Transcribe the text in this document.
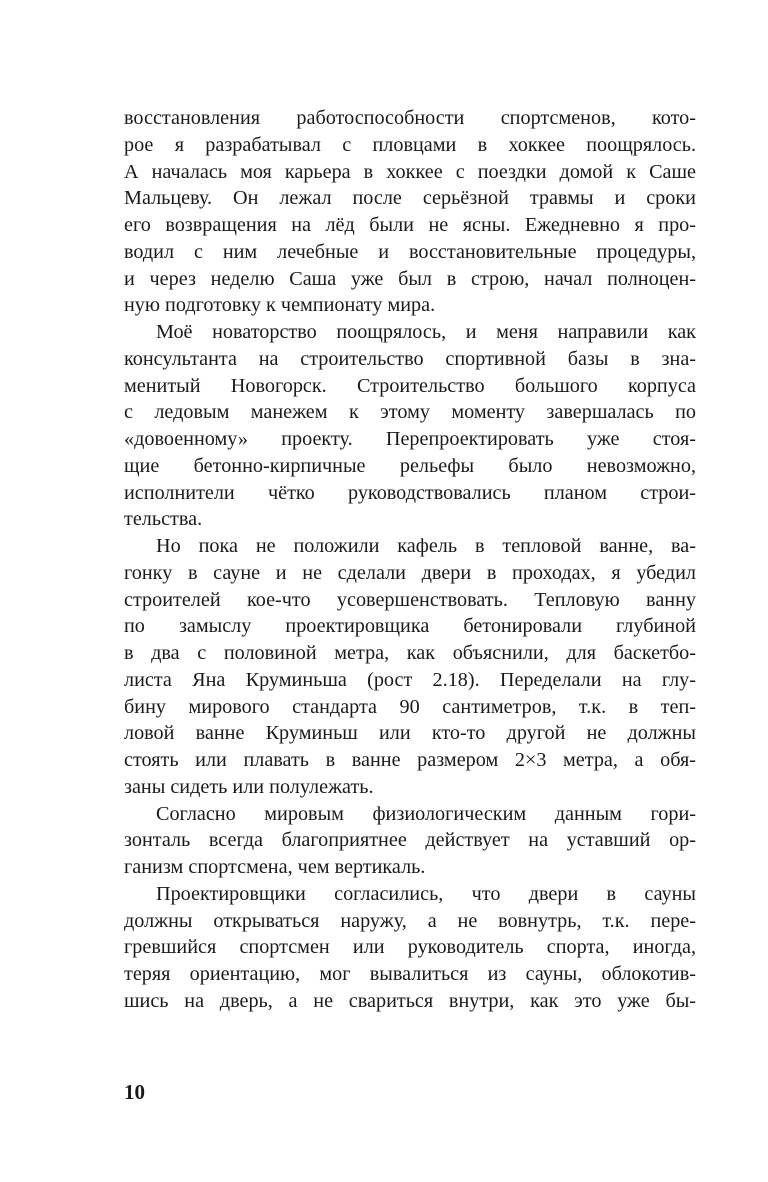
восстановления работоспособности спортсменов, кото-
рое я разрабатывал с пловцами в хоккее поощрялось.
А началась моя карьера в хоккее с поездки домой к Саше
Мальцеву. Он лежал после серьёзной травмы и сроки
его возвращения на лёд были не ясны. Ежедневно я про-
водил с ним лечебные и восстановительные процедуры,
и через неделю Саша уже был в строю, начал полноцен-
ную подготовку к чемпионату мира.
Моё новаторство поощрялось, и меня направили как
консультанта на строительство спортивной базы в зна-
менитый Новогорск. Строительство большого корпуса
с ледовым манежем к этому моменту завершалась по
«довоенному» проекту. Перепроектировать уже стоя-
щие бетонно-кирпичные рельефы было невозможно,
исполнители чётко руководствовались планом строи-
тельства.
Но пока не положили кафель в тепловой ванне, ва-
гонку в сауне и не сделали двери в проходах, я убедил
строителей кое-что усовершенствовать. Тепловую ванну
по замыслу проектировщика бетонировали глубиной
в два с половиной метра, как объяснили, для баскетбо-
листа Яна Круминьша (рост 2.18). Переделали на глу-
бину мирового стандарта 90 сантиметров, т.к. в теп-
ловой ванне Круминьш или кто-то другой не должны
стоять или плавать в ванне размером 2×3 метра, а обя-
заны сидеть или полулежать.
Согласно мировым физиологическим данным гори-
зонталь всегда благоприятнее действует на уставший ор-
ганизм спортсмена, чем вертикаль.
Проектировщики согласились, что двери в сауны
должны открываться наружу, а не вовнутрь, т.к. пере-
гревшийся спортсмен или руководитель спорта, иногда,
теряя ориентацию, мог вывалиться из сауны, облокотив-
шись на дверь, а не свариться внутри, как это уже бы-
10
